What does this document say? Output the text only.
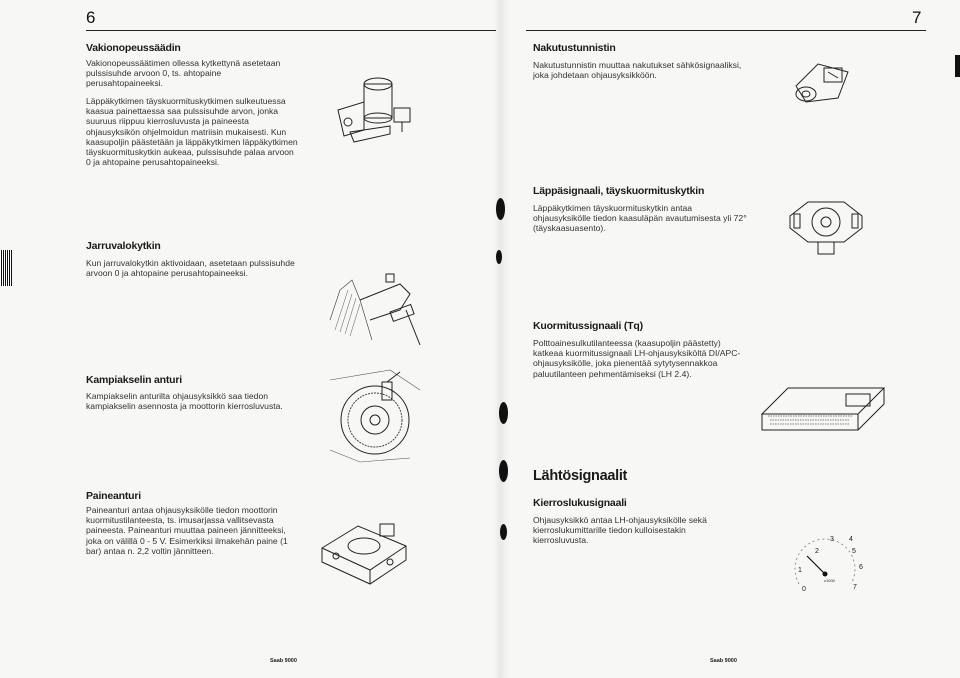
6
Vakionopeussäädin
Vakionopeussäätimen ollessa kytkettynä asetetaan pulssisuhde arvoon 0, ts. ahtopaine perusahtopaineeksi.
Läppäkytkimen täyskuormituskytkimen sulkeutuessa kaasua painettaessa saa pulssisuhde arvon, jonka suuruus riippuu kierrosluvusta ja paineesta ohjausyksikön ohjelmoidun matriisin mukaisesti. Kun kaasupoljin päästetään ja läppäkytkimen läppäkytkimen täyskuormituskytkin aukeaa, pulssisuhde palaa arvoon 0 ja ahtopaine perusahtopaineeksi.
Jarruvalokytkin
Kun jarruvalokytkin aktivoidaan, asetetaan pulssisuhde arvoon 0 ja ahtopaine perusahtopaineeksi.
Kampiakselin anturi
Kampiakselin anturilta ohjausyksikkö saa tiedon kampiakselin asennosta ja moottorin kierrosluvusta.
Paineanturi
Paineanturi antaa ohjausyksikölle tiedon moottorin kuormitustilanteesta, ts. imusarjassa vallitsevasta paineesta. Paineanturi muuttaa paineen jännitteeksi, joka on välillä 0 - 5 V. Esimerkiksi ilmakehän paine (1 bar) antaa n. 2,2 voltin jännitteen.
Saab 9000
7
Nakutustunnistin
Nakutustunnistin muuttaa nakutukset sähkösignaaliksi, joka johdetaan ohjausyksikköön.
Läppäsignaali, täyskuormituskytkin
Läppäkytkimen täyskuormituskytkin antaa ohjausyksikölle tiedon kaasuläpän avautumisesta yli 72° (täyskaasuasento).
Kuormitussignaali (Tq)
Polttoainesulkutilanteessa (kaasupoljin päästetty) katkeaa kuormitussignaali LH-ohjausyksiköltä DI/APC-ohjausyksikölle, joka pienentää sytytysennakkoa paluutilanteen pehmentämiseksi (LH 2.4).
Lähtösignaalit
Kierroslukusignaali
Ohjausyksikkö antaa LH-ohjausyksikölle sekä kierroslukumittarille tiedon kulloisestakin kierrosluvusta.
Saab 9000
2
3 4
5
6
7
1
0
x1000
